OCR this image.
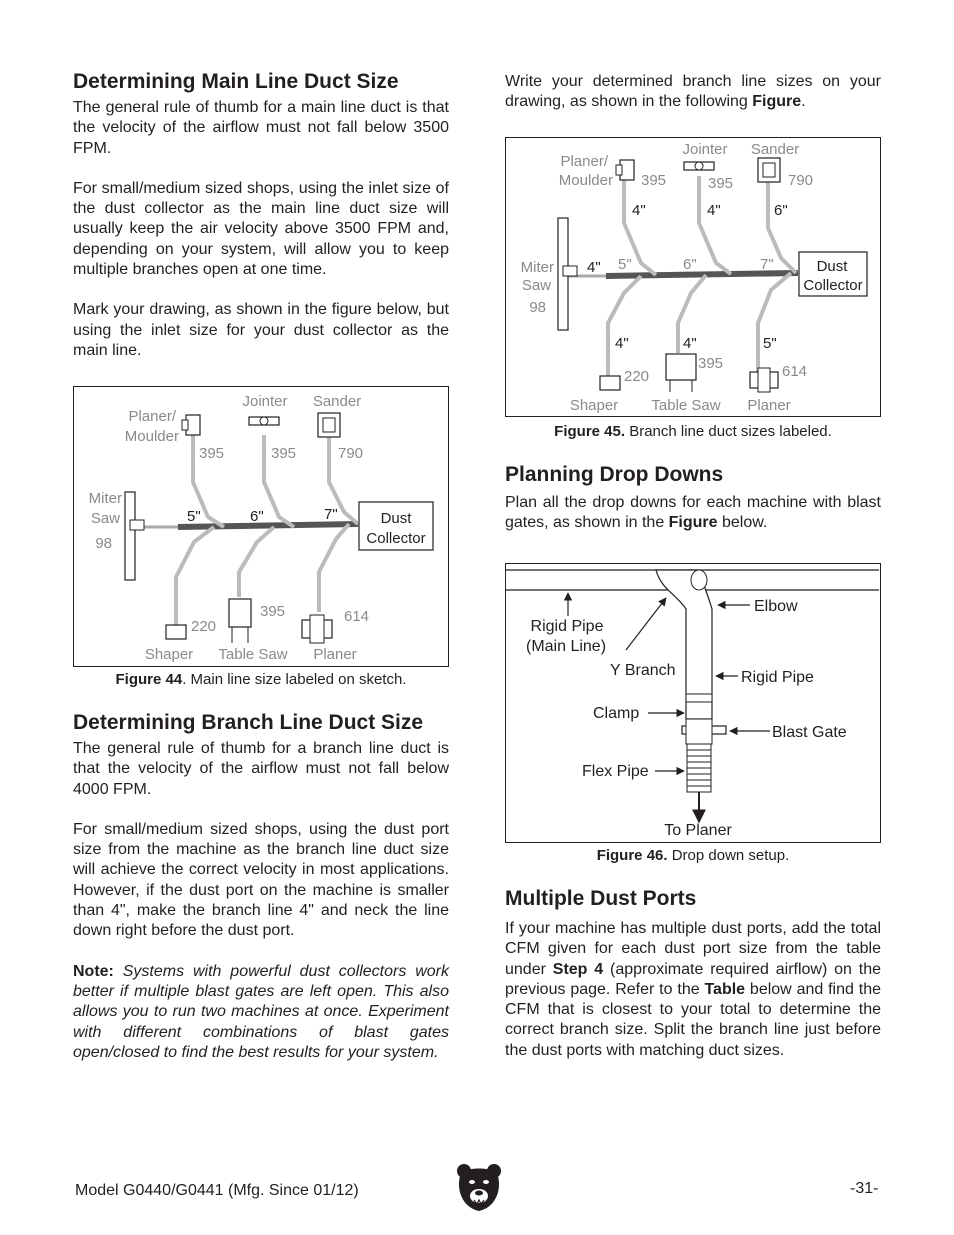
Determining Main Line Duct Size

The general rule of thumb for a main line duct is that the velocity of the airflow must not fall below 3500 FPM.

For small/medium sized shops, using the inlet size of the dust collector as the main line duct size will usually keep the air velocity above 3500 FPM and, depending on your system, will allow you to keep multiple branches open at one time.

Mark your drawing, as shown in the figure below, but using the inlet size for your dust collector as the main line.

Dust
Collector
Planer/
Moulder
Jointer Sander
395	395	790
Miter
Saw
98
5"	6"	7"
395	614
220
Shaper Table Saw Planer
Figure 44. Main line size labeled on sketch.
Determining Branch Line Duct Size

The general rule of thumb for a branch line duct is that the velocity of the airflow must not fall below 4000 FPM.

For small/medium sized shops, using the dust port size from the machine as the branch line duct size will achieve the correct velocity in most applications. However, if the dust port on the machine is smaller than 4", make the branch line 4" and neck the line down right before the dust port.

Note: Systems with powerful dust collectors work better if multiple blast gates are left open. This also allows you to run two machines at once. Experiment with different combinations of blast gates open/closed to find the best results for your system.

Write your determined branch line sizes on your drawing, as shown in the following Figure.

Dust
Collector
Planer/
Moulder
Jointer Sander
395	395	790
4"	4"	6"
Miter
Saw
98
4" 5"	6"	7"
4"	4"	5"
395	614
220
Shaper Table Saw Planer
Figure 45. Branch line duct sizes labeled.
Planning Drop Downs

Plan all the drop downs for each machine with blast gates, as shown in the Figure below.

Elbow
Rigid Pipe
(Main Line)
Y Branch	Rigid Pipe
Clamp
Blast Gate
Flex Pipe
To Planer
Figure 46. Drop down setup.
Multiple Dust Ports

If your machine has multiple dust ports, add the total CFM given for each dust port size from the table under Step 4 (approximate required airflow) on the previous page. Refer to the Table below and find the CFM that is closest to your total to determine the correct branch size. Split the branch line just before the dust ports with matching duct sizes.

Model G0440/G0441 (Mfg. Since 01/12)	-31-
